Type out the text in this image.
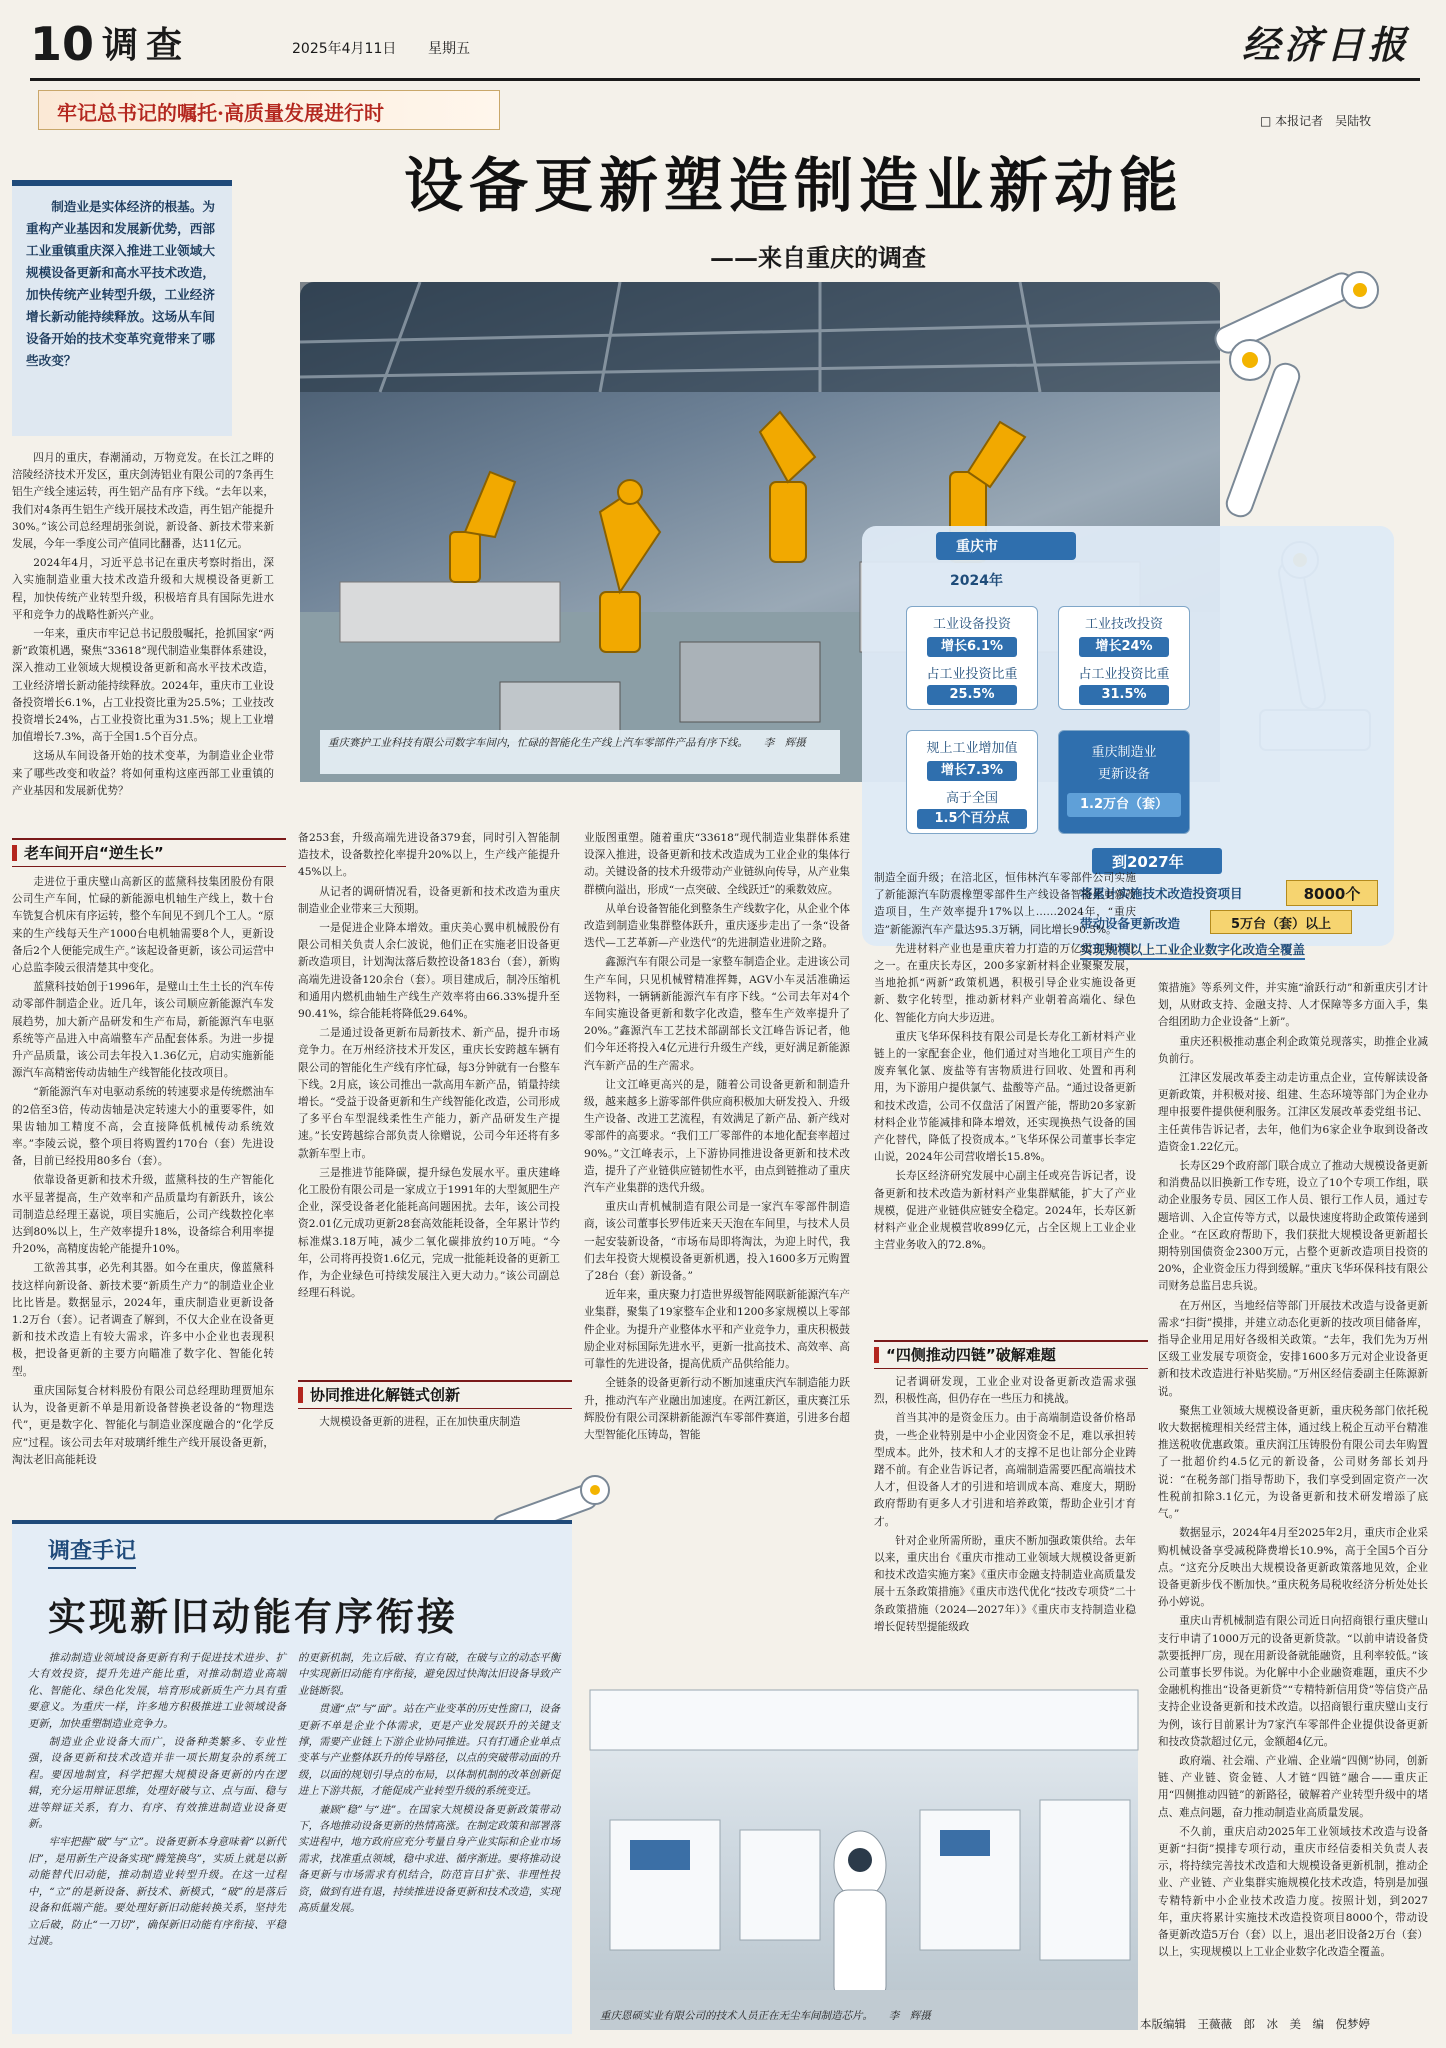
10 调查	2025年4月11日 星期五	经济日报
牢记总书记的嘱托·高质量发展进行时	□ 本报记者　吴陆牧
设备更新塑造制造业新动能
——来自重庆的调查
制造业是实体经济的根基。为重构产业基因和发展新优势，西部工业重镇重庆深入推进工业领域大规模设备更新和高水平技术改造，加快传统产业转型升级，工业经济增长新动能持续释放。这场从车间设备开始的技术变革究竟带来了哪些改变？
重庆赛护工业科技有限公司数字车间内，忙碌的智能化生产线上汽车零部件产品有序下线。　　李　辉摄
重庆市
2024年
工业设备投资
增长6.1%
占工业投资比重
25.5%
工业技改投资
增长24%
占工业投资比重
31.5%
规上工业增加值
增长7.3%
高于全国
1.5个百分点
重庆制造业
更新设备
1.2万台（套）
到2027年
将累计实施技术改造投资项目	8000个
带动设备更新改造	5万台（套）以上
实现规模以上工业企业数字化改造全覆盖

四月的重庆，春潮涌动，万物竞发。在长江之畔的涪陵经济技术开发区，重庆剑涛铝业有限公司的7条再生铝生产线全速运转，再生铝产品有序下线。“去年以来，我们对4条再生铝生产线开展技术改造，再生铝产能提升30%。”该公司总经理胡张剑说，新设备、新技术带来新发展，今年一季度公司产值同比翻番，达11亿元。

2024年4月，习近平总书记在重庆考察时指出，深入实施制造业重大技术改造升级和大规模设备更新工程，加快传统产业转型升级，积极培育具有国际先进水平和竞争力的战略性新兴产业。

一年来，重庆市牢记总书记殷殷嘱托，抢抓国家“两新”政策机遇，聚焦“33618”现代制造业集群体系建设，深入推动工业领域大规模设备更新和高水平技术改造，工业经济增长新动能持续释放。2024年，重庆市工业设备投资增长6.1%，占工业投资比重为25.5%；工业技改投资增长24%，占工业投资比重为31.5%；规上工业增加值增长7.3%，高于全国1.5个百分点。

这场从车间设备开始的技术变革，为制造业企业带来了哪些改变和收益？将如何重构这座西部工业重镇的产业基因和发展新优势？

老车间开启“逆生长”

走进位于重庆璧山高新区的蓝黛科技集团股份有限公司生产车间，忙碌的新能源电机轴生产线上，数十台车铣复合机床有序运转，整个车间见不到几个工人。“原来的生产线每天生产1000台电机轴需要8个人，更新设备后2个人便能完成生产。”该起设备更新，该公司运营中心总监李陵云很清楚其中变化。

蓝黛科技始创于1996年，是璧山土生土长的汽车传动零部件制造企业。近几年，该公司顺应新能源汽车发展趋势，加大新产品研发和生产布局，新能源汽车电驱系统等产品进入中高端整车产品配套体系。为进一步提升产品质量，该公司去年投入1.36亿元，启动实施新能源汽车高精密传动齿轴生产线智能化技改项目。

“新能源汽车对电驱动系统的转速要求是传统燃油车的2倍至3倍，传动齿轴是决定转速大小的重要零件，如果齿轴加工精度不高，会直接降低机械传动系统效率。”李陵云说，整个项目将购置约170台（套）先进设备，目前已经投用80多台（套）。

依靠设备更新和技术升级，蓝黛科技的生产智能化水平显著提高，生产效率和产品质量均有新跃升，该公司制造总经理王嘉说，项目实施后，公司产线数控化率达到80%以上，生产效率提升18%，设备综合利用率提升20%，高精度齿轮产能提升10%。

工欲善其事，必先利其器。如今在重庆，像蓝黛科技这样向新设备、新技术要“新质生产力”的制造业企业比比皆是。数据显示，2024年，重庆制造业更新设备1.2万台（套）。记者调查了解到，不仅大企业在设备更新和技术改造上有较大需求，许多中小企业也表现积极，把设备更新的主要方向瞄准了数字化、智能化转型。

重庆国际复合材料股份有限公司总经理助理贾旭东认为，设备更新不单是用新设备替换老设备的“物理迭代”，更是数字化、智能化与制造业深度融合的“化学反应”过程。该公司去年对玻璃纤维生产线开展设备更新，淘汰老旧高能耗设

备253套，升级高端先进设备379套，同时引入智能制造技术，设备数控化率提升20%以上，生产线产能提升45%以上。

从记者的调研情况看，设备更新和技术改造为重庆制造业企业带来三大预期。

一是促进企业降本增效。重庆美心翼申机械股份有限公司相关负责人余仁波说，他们正在实施老旧设备更新改造项目，计划淘汰落后数控设备183台（套），新购高端先进设备120余台（套）。项目建成后，制冷压缩机和通用内燃机曲轴生产线生产效率将由66.33%提升至90.41%，综合能耗将降低29.64%。

二是通过设备更新布局新技术、新产品，提升市场竞争力。在万州经济技术开发区，重庆长安跨越车辆有限公司的智能化生产线有序忙碌，每3分钟就有一台整车下线。2月底，该公司推出一款高用车新产品，销量持续增长。“受益于设备更新和生产线智能化改造，公司形成了多平台车型混线柔性生产能力，新产品研发生产提速。”长安跨越综合部负责人徐赠说，公司今年还将有多款新车型上市。

三是推进节能降碳，提升绿色发展水平。重庆建峰化工股份有限公司是一家成立于1991年的大型氮肥生产企业，深受设备老化能耗高问题困扰。去年，该公司投资2.01亿元成功更新28套高效能耗设备，全年累计节约标准煤3.18万吨，减少二氧化碳排放约10万吨。“今年，公司将再投资1.6亿元，完成一批能耗设备的更新工作，为企业绿色可持续发展注入更大动力。”该公司副总经理石科说。

协同推进化解链式创新

大规模设备更新的进程，正在加快重庆制造

业版图重塑。随着重庆“33618”现代制造业集群体系建设深入推进，设备更新和技术改造成为工业企业的集体行动。关键设备的技术升级带动产业链纵向传导，从产业集群横向溢出，形成“一点突破、全线跃迁”的乘数效应。

从单台设备智能化到整条生产线数字化，从企业个体改造到制造业集群整体跃升，重庆逐步走出了一条“设备迭代—工艺革新—产业迭代”的先进制造业进阶之路。

鑫源汽车有限公司是一家整车制造企业。走进该公司生产车间，只见机械臂精准挥舞，AGV小车灵活准确运送物料，一辆辆新能源汽车有序下线。“公司去年对4个车间实施设备更新和数字化改造，整车生产效率提升了20%。”鑫源汽车工艺技术部副部长文江峰告诉记者，他们今年还将投入4亿元进行升级生产线，更好满足新能源汽车新产品的生产需求。

让文江峰更高兴的是，随着公司设备更新和制造升级，越来越多上游零部件供应商积极加大研发投入、升级生产设备、改进工艺流程，有效满足了新产品、新产线对零部件的高要求。“我们工厂零部件的本地化配套率超过90%。”文江峰表示，上下游协同推进设备更新和技术改造，提升了产业链供应链韧性水平，由点到链推动了重庆汽车产业集群的迭代升级。

重庆山青机械制造有限公司是一家汽车零部件制造商，该公司董事长罗伟近来天天泡在车间里，与技术人员一起安装新设备，“市场布局即将淘汰，为迎上时代，我们去年投资大规模设备更新机遇，投入1600多万元购置了28台（套）新设备。”

近年来，重庆聚力打造世界级智能网联新能源汽车产业集群，聚集了19家整车企业和1200多家规模以上零部件企业。为提升产业整体水平和产业竞争力，重庆积极鼓励企业对标国际先进水平，更新一批高技术、高效率、高可靠性的先进设备，提高优质产品供给能力。

全链条的设备更新行动不断加速重庆汽车制造能力跃升，推动汽车产业融出加速度。在两江新区，重庆赛江乐辉股份有限公司深耕新能源汽车零部件赛道，引进多台超大型智能化压铸岛，智能

制造全面升级；在涪北区，恒伟林汽车零部件公司实施了新能源汽车防震橡塑零部件生产线设备智能化更新改造项目，生产效率提升17%以上……2024年，“重庆造”新能源汽车产量达95.3万辆，同比增长90.5%。

先进材料产业也是重庆着力打造的万亿级主导产业之一。在重庆长寿区，200多家新材料企业聚聚发展，当地抢抓“两新”政策机遇，积极引导企业实施设备更新、数字化转型，推动新材料产业朝着高端化、绿色化、智能化方向大步迈进。

重庆飞华环保科技有限公司是长寿化工新材料产业链上的一家配套企业，他们通过对当地化工项目产生的废弃氧化氯、废盐等有害物质进行回收、处置和再利用，为下游用户提供氯气、盐酸等产品。“通过设备更新和技术改造，公司不仅盘活了闲置产能，帮助20多家新材料企业节能减排和降本增效，还实现换热气设备的国产化替代，降低了投资成本。”飞华环保公司董事长李定山说，2024年公司营收增长15.8%。

长寿区经济研究发展中心副主任或亮告诉记者，设备更新和技术改造为新材料产业集群赋能，扩大了产业规模，促进产业链供应链安全稳定。2024年，长寿区新材料产业企业规模营收899亿元，占全区规上工业企业主营业务收入的72.8%。

“四侧推动四链”破解难题

记者调研发现，工业企业对设备更新改造需求强烈，积极性高，但仍存在一些压力和挑战。

首当其冲的是资金压力。由于高端制造设备价格昂贵，一些企业特别是中小企业因资金不足，难以承担转型成本。此外，技术和人才的支撑不足也让部分企业踌躇不前。有企业告诉记者，高端制造需要匹配高端技术人才，但设备人才的引进和培训成本高、难度大，期盼政府帮助有更多人才引进和培养政策，帮助企业引才育才。

针对企业所需所盼，重庆不断加强政策供给。去年以来，重庆出台《重庆市推动工业领域大规模设备更新和技术改造实施方案》《重庆市金融支持制造业高质量发展十五条政策措施》《重庆市迭代优化“技改专项贷”二十条政策措施（2024—2027年）》《重庆市支持制造业稳增长促转型提能级政

策措施》等系列文件，并实施“渝跃行动”和新重庆引才计划，从财政支持、金融支持、人才保障等多方面入手，集合组团助力企业设备“上新”。

重庆还积极推动惠企利企政策兑现落实，助推企业减负前行。

江津区发展改革委主动走访重点企业，宣传解读设备更新政策，并积极对接、组建、生态环境等部门为企业办理申报要件提供便利服务。江津区发展改革委党组书记、主任黄伟告诉记者，去年，他们为6家企业争取到设备改造资金1.22亿元。

长寿区29个政府部门联合成立了推动大规模设备更新和消费品以旧换新工作专班，设立了10个专项工作组，联动企业服务专员、园区工作人员、银行工作人员，通过专题培训、入企宣传等方式，以最快速度将助企政策传递到企业。“在区政府帮助下，我们获批大规模设备更新超长期特别国债资金2300万元，占整个更新改造项目投资的20%，企业资金压力得到缓解。”重庆飞华环保科技有限公司财务总监吕忠兵说。

在万州区，当地经信等部门开展技术改造与设备更新需求“扫街”摸排，并建立动态化更新的技改项目储备库，指导企业用足用好各级相关政策。“去年，我们先为万州区级工业发展专项资金，安排1600多万元对企业设备更新和技术改造进行补贴奖励。”万州区经信委副主任陈源新说。

聚焦工业领域大规模设备更新，重庆税务部门依托税收大数据梳理相关经营主体，通过线上税企互动平台精准推送税收优惠政策。重庆润江压铸股份有限公司去年购置了一批超价约4.5亿元的新设备，公司财务部长刘丹说：“在税务部门指导帮助下，我们享受到固定资产一次性税前扣除3.1亿元，为设备更新和技术研发增添了底气。”

数据显示，2024年4月至2025年2月，重庆市企业采购机械设备享受减税降费增长10.9%，高于全国5个百分点。“这充分反映出大规模设备更新政策落地见效，企业设备更新步伐不断加快。”重庆税务局税收经济分析处处长孙小婷说。

重庆山青机械制造有限公司近日向招商银行重庆璧山支行申请了1000万元的设备更新贷款。“以前申请设备贷款要抵押厂房，现在用新设备就能融资，且利率较低。”该公司董事长罗伟说。为化解中小企业融资难题，重庆不少金融机构推出“设备更新贷”“专精特新信用贷”等信贷产品支持企业设备更新和技术改造。以招商银行重庆璧山支行为例，该行目前累计为7家汽车零部件企业提供设备更新和技改贷款超过亿元，金额超4亿元。

政府端、社会端、产业端、企业端“四侧”协同，创新链、产业链、资金链、人才链“四链”融合——重庆正用“四侧推动四链”的新路径，破解着产业转型升级中的堵点、难点问题，奋力推动制造业高质量发展。

不久前，重庆启动2025年工业领域技术改造与设备更新“扫街”摸排专项行动，重庆市经信委相关负责人表示，将持续完善技术改造和大规模设备更新机制，推动企业、产业链、产业集群实施规模化技术改造，特别是加强专精特新中小企业技术改造力度。按照计划，到2027年，重庆将累计实施技术改造投资项目8000个，带动设备更新改造5万台（套）以上，退出老旧设备2万台（套）以上，实现规模以上工业企业数字化改造全覆盖。

调查手记
实现新旧动能有序衔接

推动制造业领域设备更新有利于促进技术进步、扩大有效投资，提升先进产能比重，对推动制造业高端化、智能化、绿色化发展，培育形成新质生产力具有重要意义。为重庆一样，许多地方积极推进工业领域设备更新，加快重塑制造业竞争力。

制造业企业设备大而广，设备种类繁多、专业性强，设备更新和技术改造并非一项长期复杂的系统工程。要因地制宜，科学把握大规模设备更新的内在逻辑，充分运用辩证思维，处理好破与立、点与面、稳与进等辩证关系，有力、有序、有效推进制造业设备更新。

牢牢把握“破”与“立”。设备更新本身意味着“以新代旧”，是用新生产设备实现“腾笼换鸟”，实质上就是以新动能替代旧动能，推动制造业转型升级。在这一过程中，“立”的是新设备、新技术、新模式，“破”的是落后设备和低端产能。要处理好新旧动能转换关系，坚持先立后破，防止“一刀切”，确保新旧动能有序衔接、平稳过渡。

的更新机制，先立后破、有立有破，在破与立的动态平衡中实现新旧动能有序衔接，避免因过快淘汰旧设备导致产业链断裂。

贯通“点”与“面”。站在产业变革的历史性窗口，设备更新不单是企业个体需求，更是产业发展跃升的关键支撑，需要产业链上下游企业协同推进。只有打通企业单点变革与产业整体跃升的传导路径，以点的突破带动面的升级，以面的规划引导点的布局，以体制机制的改革创新促进上下游共振，才能促成产业转型升级的系统变迁。

兼顾“稳”与“进”。在国家大规模设备更新政策带动下，各地推动设备更新的热情高涨。在制定政策和部署落实进程中，地方政府应充分考量自身产业实际和企业市场需求，找准重点领域，稳中求进、循序渐进。要将推动设备更新与市场需求有机结合，防范盲目扩张、非理性投资，做到有进有退，持续推进设备更新和技术改造，实现高质量发展。

重庆恩硕实业有限公司的技术人员正在无尘车间制造芯片。　　李　辉摄
本版编辑　王薇薇　郎　冰　美　编　倪梦婷
